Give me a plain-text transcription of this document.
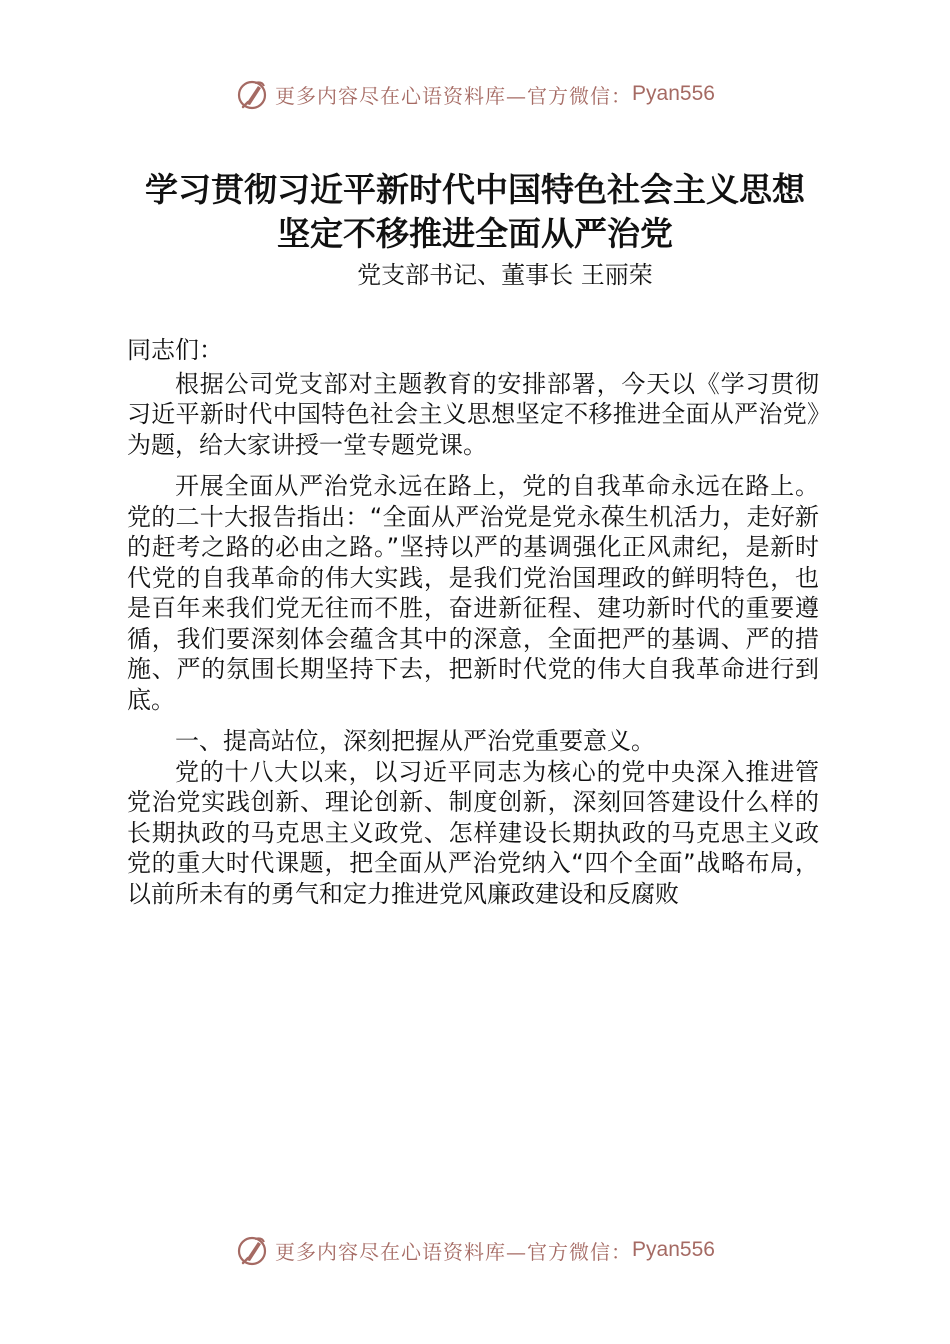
更多内容尽在心语资料库—官方微信： Pyan556
学习贯彻习近平新时代中国特色社会主义思想
坚定不移推进全面从严治党
党支部书记、董事长 王丽荣

同志们：

根据公司党支部对主题教育的安排部署，今天以《学习贯彻习近平新时代中国特色社会主义思想坚定不移推进全面从严治党》为题，给大家讲授一堂专题党课。

开展全面从严治党永远在路上，党的自我革命永远在路上。党的二十大报告指出：“全面从严治党是党永葆生机活力，走好新的赶考之路的必由之路。”坚持以严的基调强化正风肃纪，是新时代党的自我革命的伟大实践，是我们党治国理政的鲜明特色，也是百年来我们党无往而不胜，奋进新征程、建功新时代的重要遵循，我们要深刻体会蕴含其中的深意，全面把严的基调、严的措施、严的氛围长期坚持下去，把新时代党的伟大自我革命进行到底。

一、提高站位，深刻把握从严治党重要意义。

党的十八大以来，以习近平同志为核心的党中央深入推进管党治党实践创新、理论创新、制度创新，深刻回答建设什么样的长期执政的马克思主义政党、怎样建设长期执政的马克思主义政党的重大时代课题，把全面从严治党纳入“四个全面”战略布局，以前所未有的勇气和定力推进党风廉政建设和反腐败

更多内容尽在心语资料库—官方微信： Pyan556
